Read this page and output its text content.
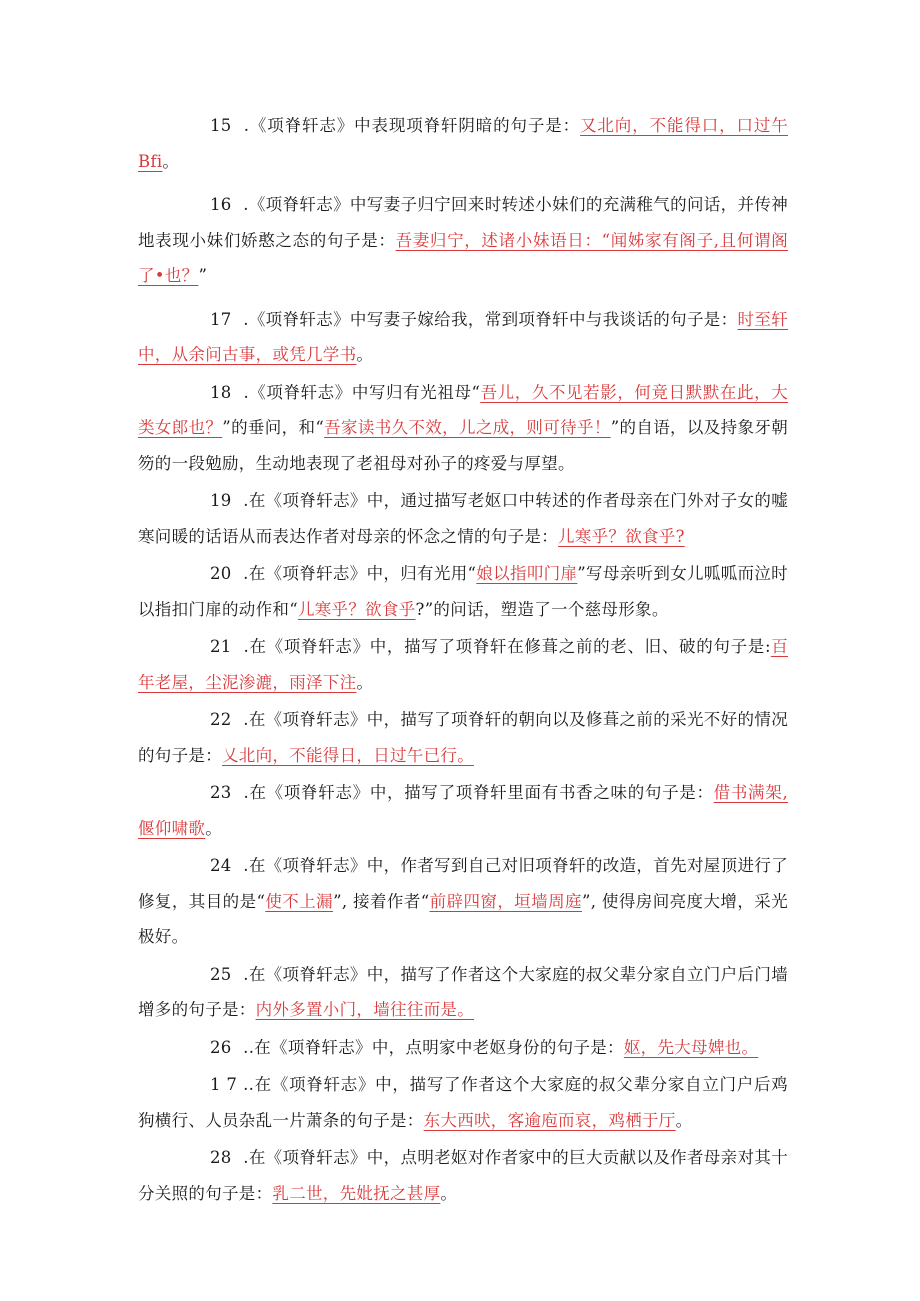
15 .《项脊轩志》中表现项脊轩阴暗的句子是：又北向，不能得口，口过午Bfi。

16 .《项脊轩志》中写妻子归宁回来时转述小妹们的充满稚气的问话，并传神地表现小妹们娇憨之态的句子是：吾妻归宁，述诸小妹语日：“闻姊家有阁子,且何谓阁了•也？”

17 .《项脊轩志》中写妻子嫁给我，常到项脊轩中与我谈话的句子是：时至轩中，从余问古事，或凭几学书。

18 .《项脊轩志》中写归有光祖母“吾儿，久不见若影，何竟日默默在此，大类女郎也？”的垂问，和“吾家读书久不效，儿之成，则可待乎！”的自语，以及持象牙朝笏的一段勉励，生动地表现了老祖母对孙子的疼爱与厚望。

19 .在《项脊轩志》中，通过描写老妪口中转述的作者母亲在门外对子女的嘘寒问暖的话语从而表达作者对母亲的怀念之情的句子是：儿寒乎？欲食乎?

20 .在《项脊轩志》中，归有光用“娘以指叩门扉”写母亲听到女儿呱呱而泣时以指扣门扉的动作和“儿寒乎？欲食乎?”的问话，塑造了一个慈母形象。

21 .在《项脊轩志》中，描写了项脊轩在修葺之前的老、旧、破的句子是:百年老屋，尘泥渗漉，雨泽下注。

22 .在《项脊轩志》中，描写了项脊轩的朝向以及修葺之前的采光不好的情况的句子是：乂北向，不能得日，日过午已行。

23 .在《项脊轩志》中，描写了项脊轩里面有书香之味的句子是：借书满架,偃仰啸歌。

24 .在《项脊轩志》中，作者写到自己对旧项脊轩的改造，首先对屋顶进行了修复，其目的是“使不上漏”, 接着作者“前辟四窗，垣墙周庭”, 使得房间亮度大增，采光极好。

25 .在《项脊轩志》中，描写了作者这个大家庭的叔父辈分家自立门户后门墙增多的句子是：内外多置小门，墙往往而是。

26 ..在《项脊轩志》中，点明家中老妪身份的句子是：妪，先大母婢也。

1 7 ..在《项脊轩志》中，描写了作者这个大家庭的叔父辈分家自立门户后鸡狗横行、人员杂乱一片萧条的句子是：东大西吠，客逾庖而哀，鸡栖于厅。

28 .在《项脊轩志》中，点明老妪对作者家中的巨大贡献以及作者母亲对其十分关照的句子是：乳二世，先妣抚之甚厚。
